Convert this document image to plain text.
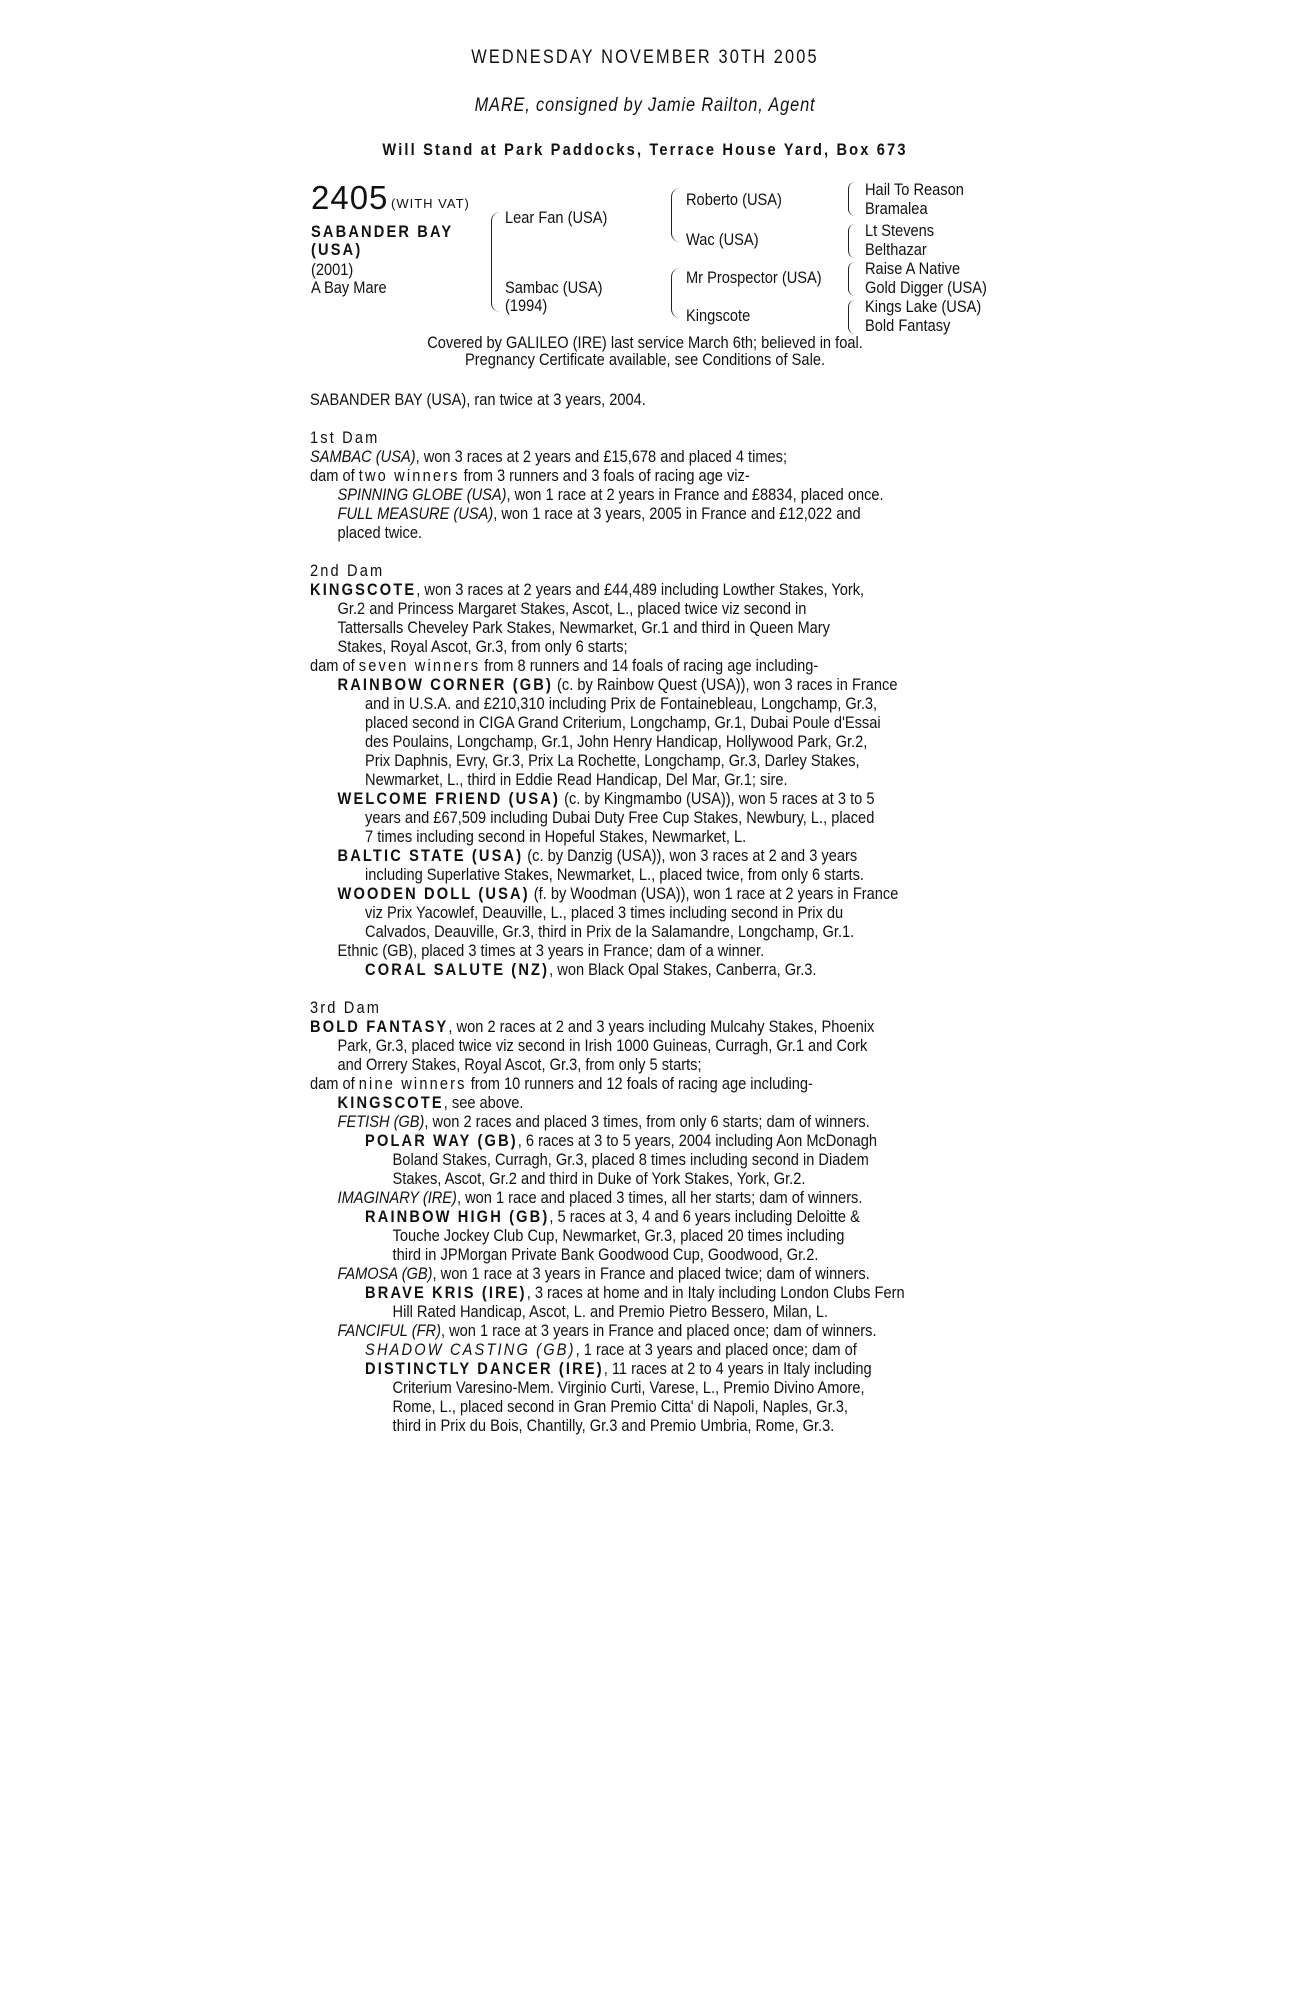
WEDNESDAY NOVEMBER 30TH 2005
MARE, consigned by Jamie Railton, Agent
Will Stand at Park Paddocks, Terrace House Yard, Box 673
2405 (WITH VAT)
SABANDER BAY
(USA)
(2001)
A Bay Mare
Lear Fan (USA)
Sambac (USA)
(1994)
Roberto (USA)
Wac (USA)
Mr Prospector (USA)
Kingscote
Hail To Reason
Bramalea
Lt Stevens
Belthazar
Raise A Native
Gold Digger (USA)
Kings Lake (USA)
Bold Fantasy
Covered by GALILEO (IRE) last service March 6th; believed in foal.
Pregnancy Certificate available, see Conditions of Sale.
SABANDER BAY (USA), ran twice at 3 years, 2004.
1st Dam
SAMBAC (USA), won 3 races at 2 years and £15,678 and placed 4 times;
dam of two winners from 3 runners and 3 foals of racing age viz-
SPINNING GLOBE (USA), won 1 race at 2 years in France and £8834, placed once.
FULL MEASURE (USA), won 1 race at 3 years, 2005 in France and £12,022 and
placed twice.
2nd Dam
KINGSCOTE, won 3 races at 2 years and £44,489 including Lowther Stakes, York,
Gr.2 and Princess Margaret Stakes, Ascot, L., placed twice viz second in
Tattersalls Cheveley Park Stakes, Newmarket, Gr.1 and third in Queen Mary
Stakes, Royal Ascot, Gr.3, from only 6 starts;
dam of seven winners from 8 runners and 14 foals of racing age including-
RAINBOW CORNER (GB) (c. by Rainbow Quest (USA)), won 3 races in France
and in U.S.A. and £210,310 including Prix de Fontainebleau, Longchamp, Gr.3,
placed second in CIGA Grand Criterium, Longchamp, Gr.1, Dubai Poule d'Essai
des Poulains, Longchamp, Gr.1, John Henry Handicap, Hollywood Park, Gr.2,
Prix Daphnis, Evry, Gr.3, Prix La Rochette, Longchamp, Gr.3, Darley Stakes,
Newmarket, L., third in Eddie Read Handicap, Del Mar, Gr.1; sire.
WELCOME FRIEND (USA) (c. by Kingmambo (USA)), won 5 races at 3 to 5
years and £67,509 including Dubai Duty Free Cup Stakes, Newbury, L., placed
7 times including second in Hopeful Stakes, Newmarket, L.
BALTIC STATE (USA) (c. by Danzig (USA)), won 3 races at 2 and 3 years
including Superlative Stakes, Newmarket, L., placed twice, from only 6 starts.
WOODEN DOLL (USA) (f. by Woodman (USA)), won 1 race at 2 years in France
viz Prix Yacowlef, Deauville, L., placed 3 times including second in Prix du
Calvados, Deauville, Gr.3, third in Prix de la Salamandre, Longchamp, Gr.1.
Ethnic (GB), placed 3 times at 3 years in France; dam of a winner.
CORAL SALUTE (NZ), won Black Opal Stakes, Canberra, Gr.3.
3rd Dam
BOLD FANTASY, won 2 races at 2 and 3 years including Mulcahy Stakes, Phoenix
Park, Gr.3, placed twice viz second in Irish 1000 Guineas, Curragh, Gr.1 and Cork
and Orrery Stakes, Royal Ascot, Gr.3, from only 5 starts;
dam of nine winners from 10 runners and 12 foals of racing age including-
KINGSCOTE, see above.
FETISH (GB), won 2 races and placed 3 times, from only 6 starts; dam of winners.
POLAR WAY (GB), 6 races at 3 to 5 years, 2004 including Aon McDonagh
Boland Stakes, Curragh, Gr.3, placed 8 times including second in Diadem
Stakes, Ascot, Gr.2 and third in Duke of York Stakes, York, Gr.2.
IMAGINARY (IRE), won 1 race and placed 3 times, all her starts; dam of winners.
RAINBOW HIGH (GB), 5 races at 3, 4 and 6 years including Deloitte &
Touche Jockey Club Cup, Newmarket, Gr.3, placed 20 times including
third in JPMorgan Private Bank Goodwood Cup, Goodwood, Gr.2.
FAMOSA (GB), won 1 race at 3 years in France and placed twice; dam of winners.
BRAVE KRIS (IRE), 3 races at home and in Italy including London Clubs Fern
Hill Rated Handicap, Ascot, L. and Premio Pietro Bessero, Milan, L.
FANCIFUL (FR), won 1 race at 3 years in France and placed once; dam of winners.
SHADOW CASTING (GB), 1 race at 3 years and placed once; dam of
DISTINCTLY DANCER (IRE), 11 races at 2 to 4 years in Italy including
Criterium Varesino-Mem. Virginio Curti, Varese, L., Premio Divino Amore,
Rome, L., placed second in Gran Premio Citta' di Napoli, Naples, Gr.3,
third in Prix du Bois, Chantilly, Gr.3 and Premio Umbria, Rome, Gr.3.
